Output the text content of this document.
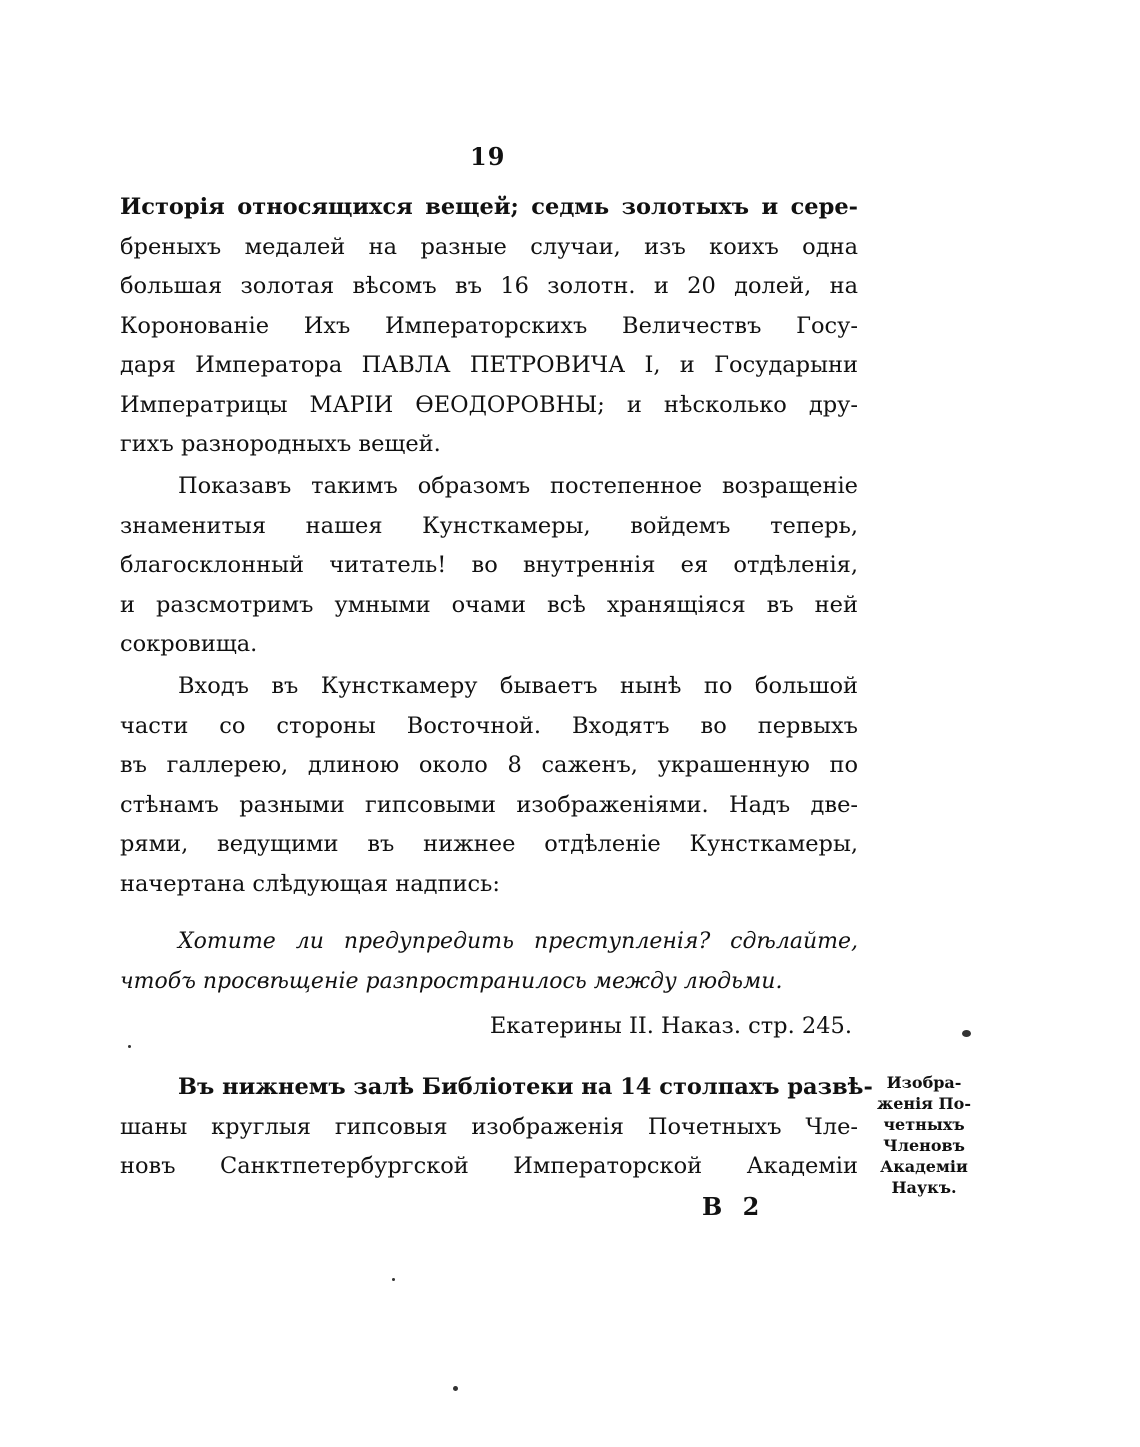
19
Исторія относящихся вещей; седмь золотыхъ и сере-
бреныхъ медалей на разные случаи, изъ коихъ одна
большая золотая вѣсомъ въ 16 золотн. и 20 долей, на
Коронованіе Ихъ Императорскихъ Величествъ Госу-
даря Императора ПАВЛА ПЕТРОВИЧА I, и Государыни
Императрицы МАРІИ ѲЕОДОРОВНЫ; и нѣсколько дру-
гихъ разнородныхъ вещей.
Показавъ такимъ образомъ постепенное возращеніе
знаменитыя нашея Кунсткамеры, войдемъ теперь,
благосклонный читатель! во внутреннія ея отдѣленія,
и разсмотримъ умными очами всѣ хранящіяся въ ней
сокровища.
Входъ въ Кунсткамеру бываетъ нынѣ по большой
части со стороны Восточной. Входятъ во первыхъ
въ галлерею, длиною около 8 саженъ, украшенную по
стѣнамъ разными гипсовыми изображеніями. Надъ две-
рями, ведущими въ нижнее отдѣленіе Кунсткамеры,
начертана слѣдующая надпись:
Хотите ли предупредить преступленія? сдѣлайте,
чтобъ просвѣщеніе разпространилось между людьми.
Екатерины II. Наказ. стр. 245.
Въ нижнемъ залѣ Библіотеки на 14 столпахъ развѣ-
шаны круглыя гипсовыя изображенія Почетныхъ Чле-
новъ Санктпетербургской Императорской Академіи
Изобра-
женія По-
четныхъ
Членовъ
Академіи
Наукъ.
В 2
